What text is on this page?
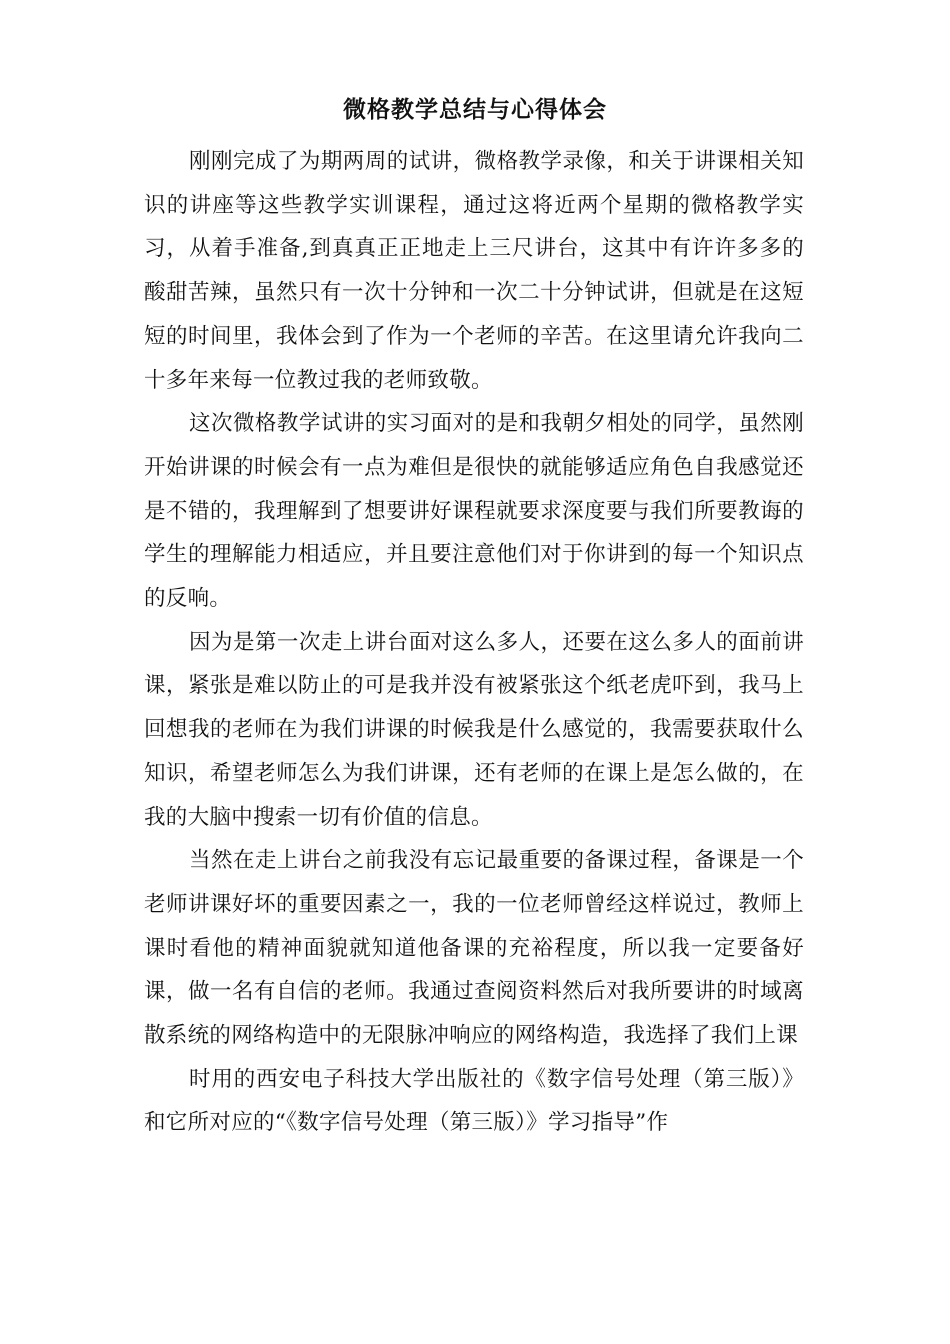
微格教学总结与心得体会

刚刚完成了为期两周的试讲，微格教学录像，和关于讲课相关知识的讲座等这些教学实训课程，通过这将近两个星期的微格教学实习，从着手准备,到真真正正地走上三尺讲台，这其中有许许多多的酸甜苦辣，虽然只有一次十分钟和一次二十分钟试讲，但就是在这短短的时间里，我体会到了作为一个老师的辛苦。在这里请允许我向二十多年来每一位教过我的老师致敬。

这次微格教学试讲的实习面对的是和我朝夕相处的同学，虽然刚开始讲课的时候会有一点为难但是很快的就能够适应角色自我感觉还是不错的，我理解到了想要讲好课程就要求深度要与我们所要教诲的学生的理解能力相适应，并且要注意他们对于你讲到的每一个知识点的反响。

因为是第一次走上讲台面对这么多人，还要在这么多人的面前讲课，紧张是难以防止的可是我并没有被紧张这个纸老虎吓到，我马上回想我的老师在为我们讲课的时候我是什么感觉的，我需要获取什么知识，希望老师怎么为我们讲课，还有老师的在课上是怎么做的，在我的大脑中搜索一切有价值的信息。

当然在走上讲台之前我没有忘记最重要的备课过程，备课是一个老师讲课好坏的重要因素之一，我的一位老师曾经这样说过，教师上课时看他的精神面貌就知道他备课的充裕程度，所以我一定要备好课，做一名有自信的老师。我通过查阅资料然后对我所要讲的时域离散系统的网络构造中的无限脉冲响应的网络构造，我选择了我们上课

时用的西安电子科技大学出版社的《数字信号处理（第三版）》和它所对应的“《数字信号处理（第三版）》学习指导”作
